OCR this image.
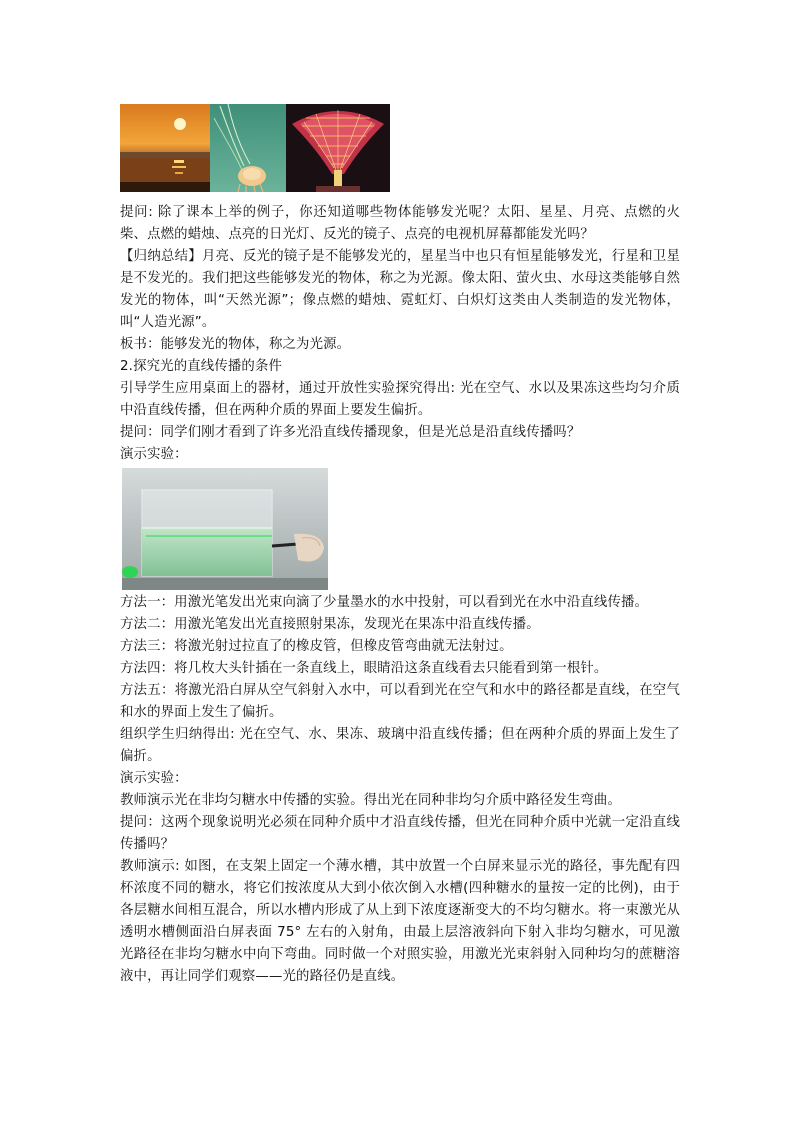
提问: 除了课本上举的例子，你还知道哪些物体能够发光呢？太阳、星星、月亮、点燃的火柴、点燃的蜡烛、点亮的日光灯、反光的镜子、点亮的电视机屏幕都能发光吗？

【归纳总结】月亮、反光的镜子是不能够发光的，星星当中也只有恒星能够发光，行星和卫星是不发光的。我们把这些能够发光的物体，称之为光源。像太阳、萤火虫、水母这类能够自然发光的物体，叫“天然光源”；像点燃的蜡烛、霓虹灯、白炽灯这类由人类制造的发光物体，叫“人造光源”。

板书：能够发光的物体，称之为光源。

2.探究光的直线传播的条件

引导学生应用桌面上的器材，通过开放性实验探究得出: 光在空气、水以及果冻这些均匀介质中沿直线传播，但在两种介质的界面上要发生偏折。

提问：同学们刚才看到了许多光沿直线传播现象，但是光总是沿直线传播吗？

演示实验：

方法一：用激光笔发出光束向滴了少量墨水的水中投射，可以看到光在水中沿直线传播。

方法二：用激光笔发出光直接照射果冻，发现光在果冻中沿直线传播。

方法三：将激光射过拉直了的橡皮管，但橡皮管弯曲就无法射过。

方法四：将几枚大头针插在一条直线上，眼睛沿这条直线看去只能看到第一根针。

方法五：将激光沿白屏从空气斜射入水中，可以看到光在空气和水中的路径都是直线，在空气和水的界面上发生了偏折。

组织学生归纳得出: 光在空气、水、果冻、玻璃中沿直线传播；但在两种介质的界面上发生了偏折。

演示实验：

教师演示光在非均匀糖水中传播的实验。得出光在同种非均匀介质中路径发生弯曲。

提问：这两个现象说明光必须在同种介质中才沿直线传播，但光在同种介质中光就一定沿直线传播吗？

教师演示: 如图，在支架上固定一个薄水槽，其中放置一个白屏来显示光的路径，事先配有四杯浓度不同的糖水，将它们按浓度从大到小依次倒入水槽(四种糖水的量按一定的比例)，由于各层糖水间相互混合，所以水槽内形成了从上到下浓度逐渐变大的不均匀糖水。将一束激光从透明水槽侧面沿白屏表面 75° 左右的入射角，由最上层溶液斜向下射入非均匀糖水，可见激光路径在非均匀糖水中向下弯曲。同时做一个对照实验，用激光光束斜射入同种均匀的蔗糖溶液中，再让同学们观察——光的路径仍是直线。
